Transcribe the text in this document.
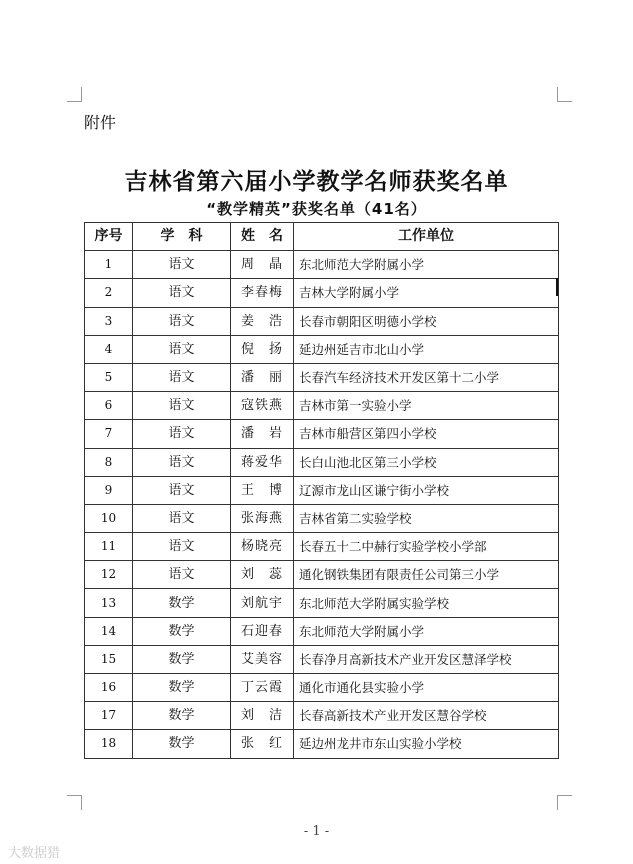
附件
吉林省第六届小学教学名师获奖名单
“教学精英”获奖名单（41名）
序号	学　科	姓　名	工作单位
1	语文	周　晶	东北师范大学附属小学
2	语文	李春梅	吉林大学附属小学
3	语文	姜　浩	长春市朝阳区明德小学校
4	语文	倪　扬	延边州延吉市北山小学
5	语文	潘　丽	长春汽车经济技术开发区第十二小学
6	语文	寇铁燕	吉林市第一实验小学
7	语文	潘　岩	吉林市船营区第四小学校
8	语文	蒋爱华	长白山池北区第三小学校
9	语文	王　博	辽源市龙山区谦宁街小学校
10	语文	张海燕	吉林省第二实验学校
11	语文	杨晓亮	长春五十二中赫行实验学校小学部
12	语文	刘　蕊	通化钢铁集团有限责任公司第三小学
13	数学	刘航宇	东北师范大学附属实验学校
14	数学	石迎春	东北师范大学附属小学
15	数学	艾美容	长春净月高新技术产业开发区慧泽学校
16	数学	丁云霞	通化市通化县实验小学
17	数学	刘　洁	长春高新技术产业开发区慧谷学校
18	数学	张　红	延边州龙井市东山实验小学校
- 1 -
大数据猎
